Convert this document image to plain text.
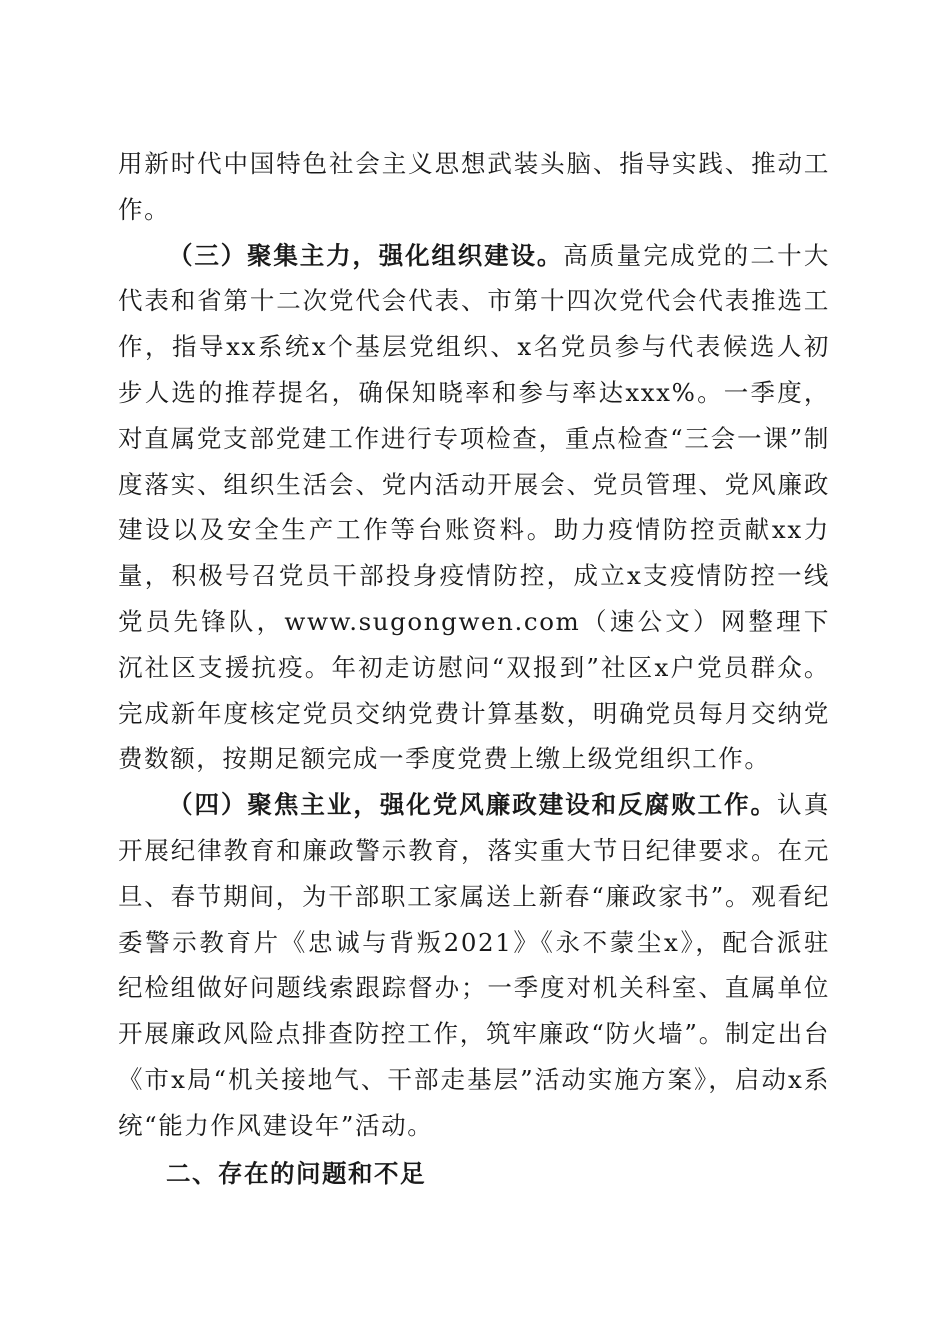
用新时代中国特色社会主义思想武装头脑、指导实践、推动工作。

（三）聚集主力，强化组织建设。高质量完成党的二十大代表和省第十二次党代会代表、市第十四次党代会代表推选工作，指导xx系统x个基层党组织、x名党员参与代表候选人初步人选的推荐提名，确保知晓率和参与率达xxx%。一季度，对直属党支部党建工作进行专项检查，重点检查“三会一课”制度落实、组织生活会、党内活动开展会、党员管理、党风廉政建设以及安全生产工作等台账资料。助力疫情防控贡献xx力量，积极号召党员干部投身疫情防控，成立x支疫情防控一线党员先锋队，www.sugongwen.com（速公文）网整理下沉社区支援抗疫。年初走访慰问“双报到”社区x户党员群众。完成新年度核定党员交纳党费计算基数，明确党员每月交纳党费数额，按期足额完成一季度党费上缴上级党组织工作。

（四）聚焦主业，强化党风廉政建设和反腐败工作。认真开展纪律教育和廉政警示教育，落实重大节日纪律要求。在元旦、春节期间，为干部职工家属送上新春“廉政家书”。观看纪委警示教育片《忠诚与背叛2021》《永不蒙尘x》，配合派驻纪检组做好问题线索跟踪督办；一季度对机关科室、直属单位开展廉政风险点排查防控工作，筑牢廉政“防火墙”。制定出台《市x局“机关接地气、干部走基层”活动实施方案》，启动x系统“能力作风建设年”活动。

二、存在的问题和不足
